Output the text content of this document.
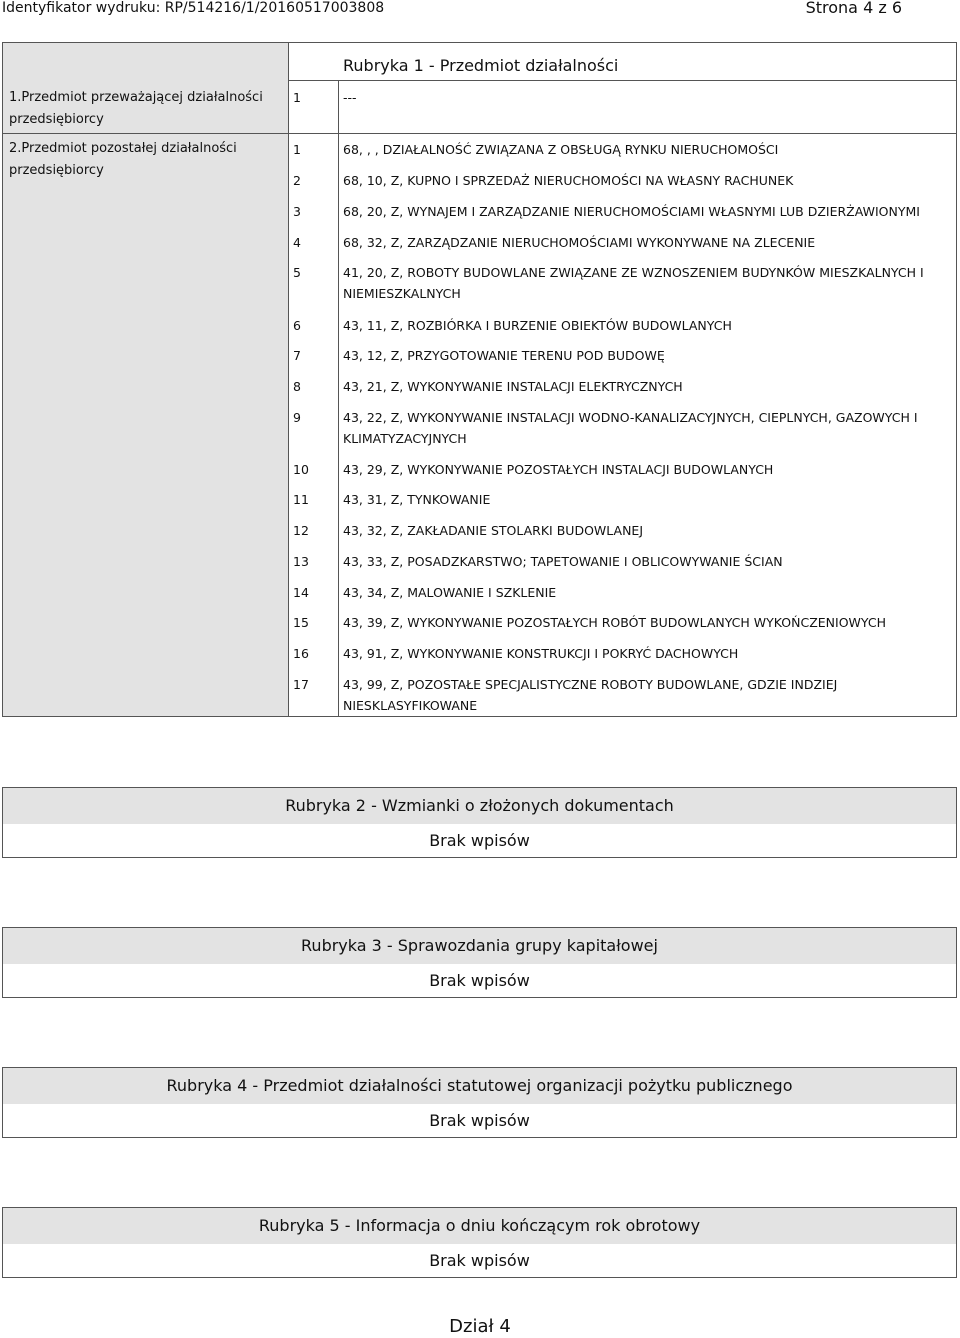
Identyfikator wydruku: RP/514216/1/20160517003808	Strona 4 z 6
Rubryka 1 - Przedmiot działalności
1.Przedmiot przeważającej działalności przedsiębiorcy
1	---
2.Przedmiot pozostałej działalności przedsiębiorcy
1	68, , , DZIAŁALNOŚĆ ZWIĄZANA Z OBSŁUGĄ RYNKU NIERUCHOMOŚCI
2	68, 10, Z, KUPNO I SPRZEDAŻ NIERUCHOMOŚCI NA WŁASNY RACHUNEK
3	68, 20, Z, WYNAJEM I ZARZĄDZANIE NIERUCHOMOŚCIAMI WŁASNYMI LUB DZIERŻAWIONYMI
4	68, 32, Z, ZARZĄDZANIE NIERUCHOMOŚCIAMI WYKONYWANE NA ZLECENIE
5	41, 20, Z, ROBOTY BUDOWLANE ZWIĄZANE ZE WZNOSZENIEM BUDYNKÓW MIESZKALNYCH I NIEMIESZKALNYCH
6	43, 11, Z, ROZBIÓRKA I BURZENIE OBIEKTÓW BUDOWLANYCH
7	43, 12, Z, PRZYGOTOWANIE TERENU POD BUDOWĘ
8	43, 21, Z, WYKONYWANIE INSTALACJI ELEKTRYCZNYCH
9	43, 22, Z, WYKONYWANIE INSTALACJI WODNO-KANALIZACYJNYCH, CIEPLNYCH, GAZOWYCH I KLIMATYZACYJNYCH
10	43, 29, Z, WYKONYWANIE POZOSTAŁYCH INSTALACJI BUDOWLANYCH
11	43, 31, Z, TYNKOWANIE
12	43, 32, Z, ZAKŁADANIE STOLARKI BUDOWLANEJ
13	43, 33, Z, POSADZKARSTWO; TAPETOWANIE I OBLICOWYWANIE ŚCIAN
14	43, 34, Z, MALOWANIE I SZKLENIE
15	43, 39, Z, WYKONYWANIE POZOSTAŁYCH ROBÓT BUDOWLANYCH WYKOŃCZENIOWYCH
16	43, 91, Z, WYKONYWANIE KONSTRUKCJI I POKRYĆ DACHOWYCH
17	43, 99, Z, POZOSTAŁE SPECJALISTYCZNE ROBOTY BUDOWLANE, GDZIE INDZIEJ NIESKLASYFIKOWANE
Rubryka 2 - Wzmianki o złożonych dokumentach
Brak wpisów
Rubryka 3 - Sprawozdania grupy kapitałowej
Brak wpisów
Rubryka 4 - Przedmiot działalności statutowej organizacji pożytku publicznego
Brak wpisów
Rubryka 5 - Informacja o dniu kończącym rok obrotowy
Brak wpisów
Dział 4
